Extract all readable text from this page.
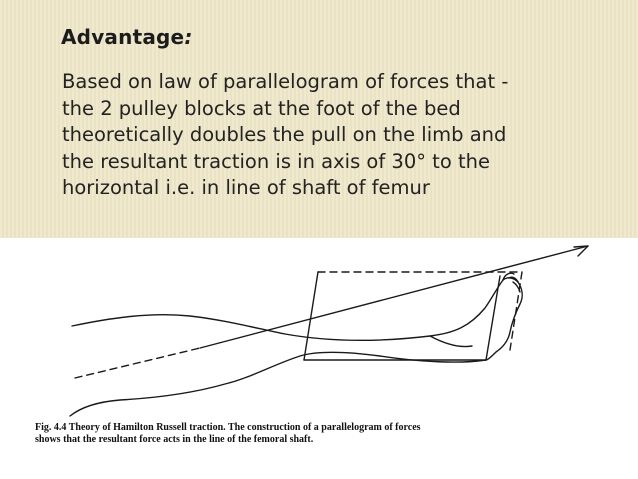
Advantage:
Based on law of parallelogram of forces that -
the 2 pulley blocks at the foot of the bed
theoretically doubles the pull on the limb and
the resultant traction is in axis of 30° to the
horizontal i.e. in line of shaft of femur
Fig. 4.4 Theory of Hamilton Russell traction. The construction of a parallelogram of forces
shows that the resultant force acts in the line of the femoral shaft.
